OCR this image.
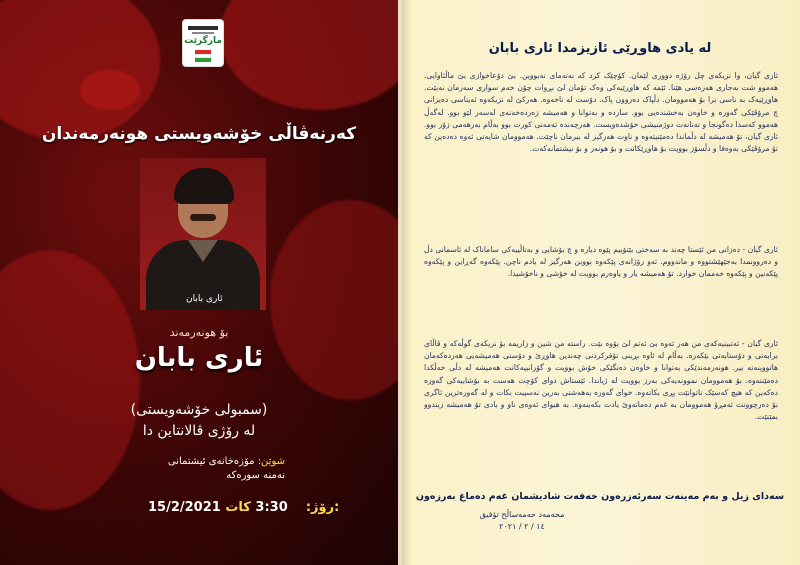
مارگرێت
کەرنەڤاڵی خۆشەویستی هونەرمەندان
ئاری بابان
بۆ هونەرمەند
ئاری بابان
(سمبولی خۆشەویستی)
لە رۆژی ڤالانتاین دا
شوێن: مۆزەخانەی ئیشتمانی
نەمنە سورەکە
15/2/2021	رۆژ:    3:30 کات:
لە یادی هاوڕێی ئازیزمدا ئاری بابان
ئاری گیان، وا نزیکەی چل رۆژە دووری لێمان. کۆچێک کرد کە بەتەمای نەبووین. بێ دۆعاخوازی بێ ماڵئاوایی. هەموو شت بەجاری هەرەسی هێنا. ئێمە کە هاوڕێیەکی وەک تۆمان لێ بڕوات چۆن خەم سواری سەرمان نەبێت. هاوڕێیەک بە ناسی برا بۆ هەموومان. دڵپاک دەروون پاک. دۆست لە ناخەوە. هەرکێ لە نزیکەوە ئەیناسی دەیزانی چ مرۆڤێکی گەورە و خاوەن بەخشندەیی بوو. ساردە و بەتوانا و هەمیشە زەردەخەنەی لەسەر لێو بوو. لەگەڵ هەموو کەسدا دەگونجا و تەنانەت دوژمنیشی خۆشدەویست. هەرچەندە تەمەنی کورت بوو بەڵام بەرهەمی زۆر بوو. ئاری گیان، تۆ هەمیشە لە دڵماندا دەمێنیتەوە و ناوت هەرگیز لە بیرمان ناچێت. هەموومان شایەتی ئەوە دەدەین کە تۆ مرۆڤێکی بەوەفا و دڵسۆز بوویت بۆ هاوڕێکانت و بۆ هونەر و بۆ نیشتمانەکەت.
ئاری گیان - دەزانی من ئێستا چەند بە سەختی بێتۆییم پێوە دیارە و چ بۆشایی و بەتاڵییەکی ساماناک لە ئاسمانی دڵ و دەروونمدا بەجێهێشتووە و ماندووم. ئەو رۆژانەی پێکەوە بووین هەرگیز لە یادم ناچن. پێکەوە گەڕاین و پێکەوە پێکەنین و پێکەوە خەممان خوارد. تۆ هەمیشە یار و یاوەرم بوویت لە خۆشی و ناخۆشیدا.
ئاری گیان - ئەتبینیەکەی من هەر ئەوە بێ ئەتم لێ بۆوە بێت. راستە من شین و زاریمە بۆ نزیکەی گوڵەکە و ڤاڵای برایەتی و دۆستایەتی بێکەرە. بەڵام لە ئاوە بڕینی تۆفرکردنی چەندین هاوڕێ و دۆستی هەمیشەیی هەردەکەمان هاتووینەتە بیر. هونەرمەندێکی بەتوانا و خاوەن دەنگێکی خۆش بوویت و گۆرانییەکانت هەمیشە لە دڵی خەڵکدا دەمێننەوە. بۆ هەموومان نموونەیەکی بەرز بوویت لە ژیاندا. ئێستاش دوای کۆچت هەست بە بۆشاییەکی گەورە دەکەین کە هیچ کەسێک ناتوانێت پڕی بکاتەوە. خوای گەورە بەهەشتی بەرین نەسیبت بکات و لە گەورەترین ئاگری بۆ دەرچوونت ئەمڕۆ هەموومان بە غەم دەمانەوێ یادت بکەینەوە. بە هیوای ئەوەی ناو و یادی تۆ هەمیشە زیندوو بمێنێت.
سەدای زیل و بەم مەینەت سەرئەزرەون خەفەت شادیشمان غەم دەماغ بەرزەون
محەمەد حەمەساڵح تۆفیق
١٤ / ٢ / ٢٠٢١
